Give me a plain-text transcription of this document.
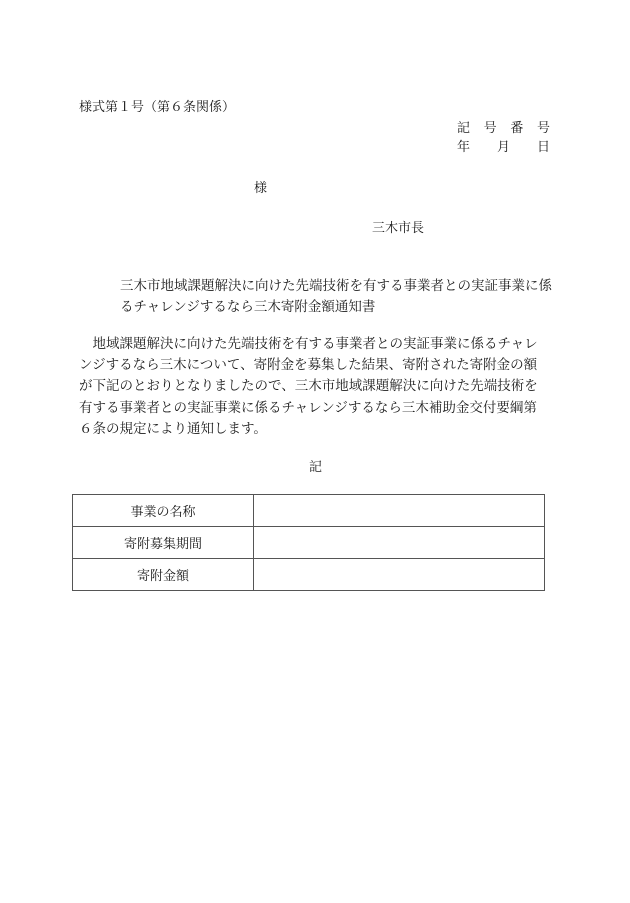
様式第１号（第６条関係）
記 号 番 号
年 月 日
様
三木市長
三木市地域課題解決に向けた先端技術を有する事業者との実証事業に係るチャレンジするなら三木寄附金額通知書
地域課題解決に向けた先端技術を有する事業者との実証事業に係るチャレンジするなら三木について、寄附金を募集した結果、寄附された寄附金の額が下記のとおりとなりましたので、三木市地域課題解決に向けた先端技術を有する事業者との実証事業に係るチャレンジするなら三木補助金交付要綱第６条の規定により通知します。
記
事業の名称	
寄附募集期間	
寄附金額	
